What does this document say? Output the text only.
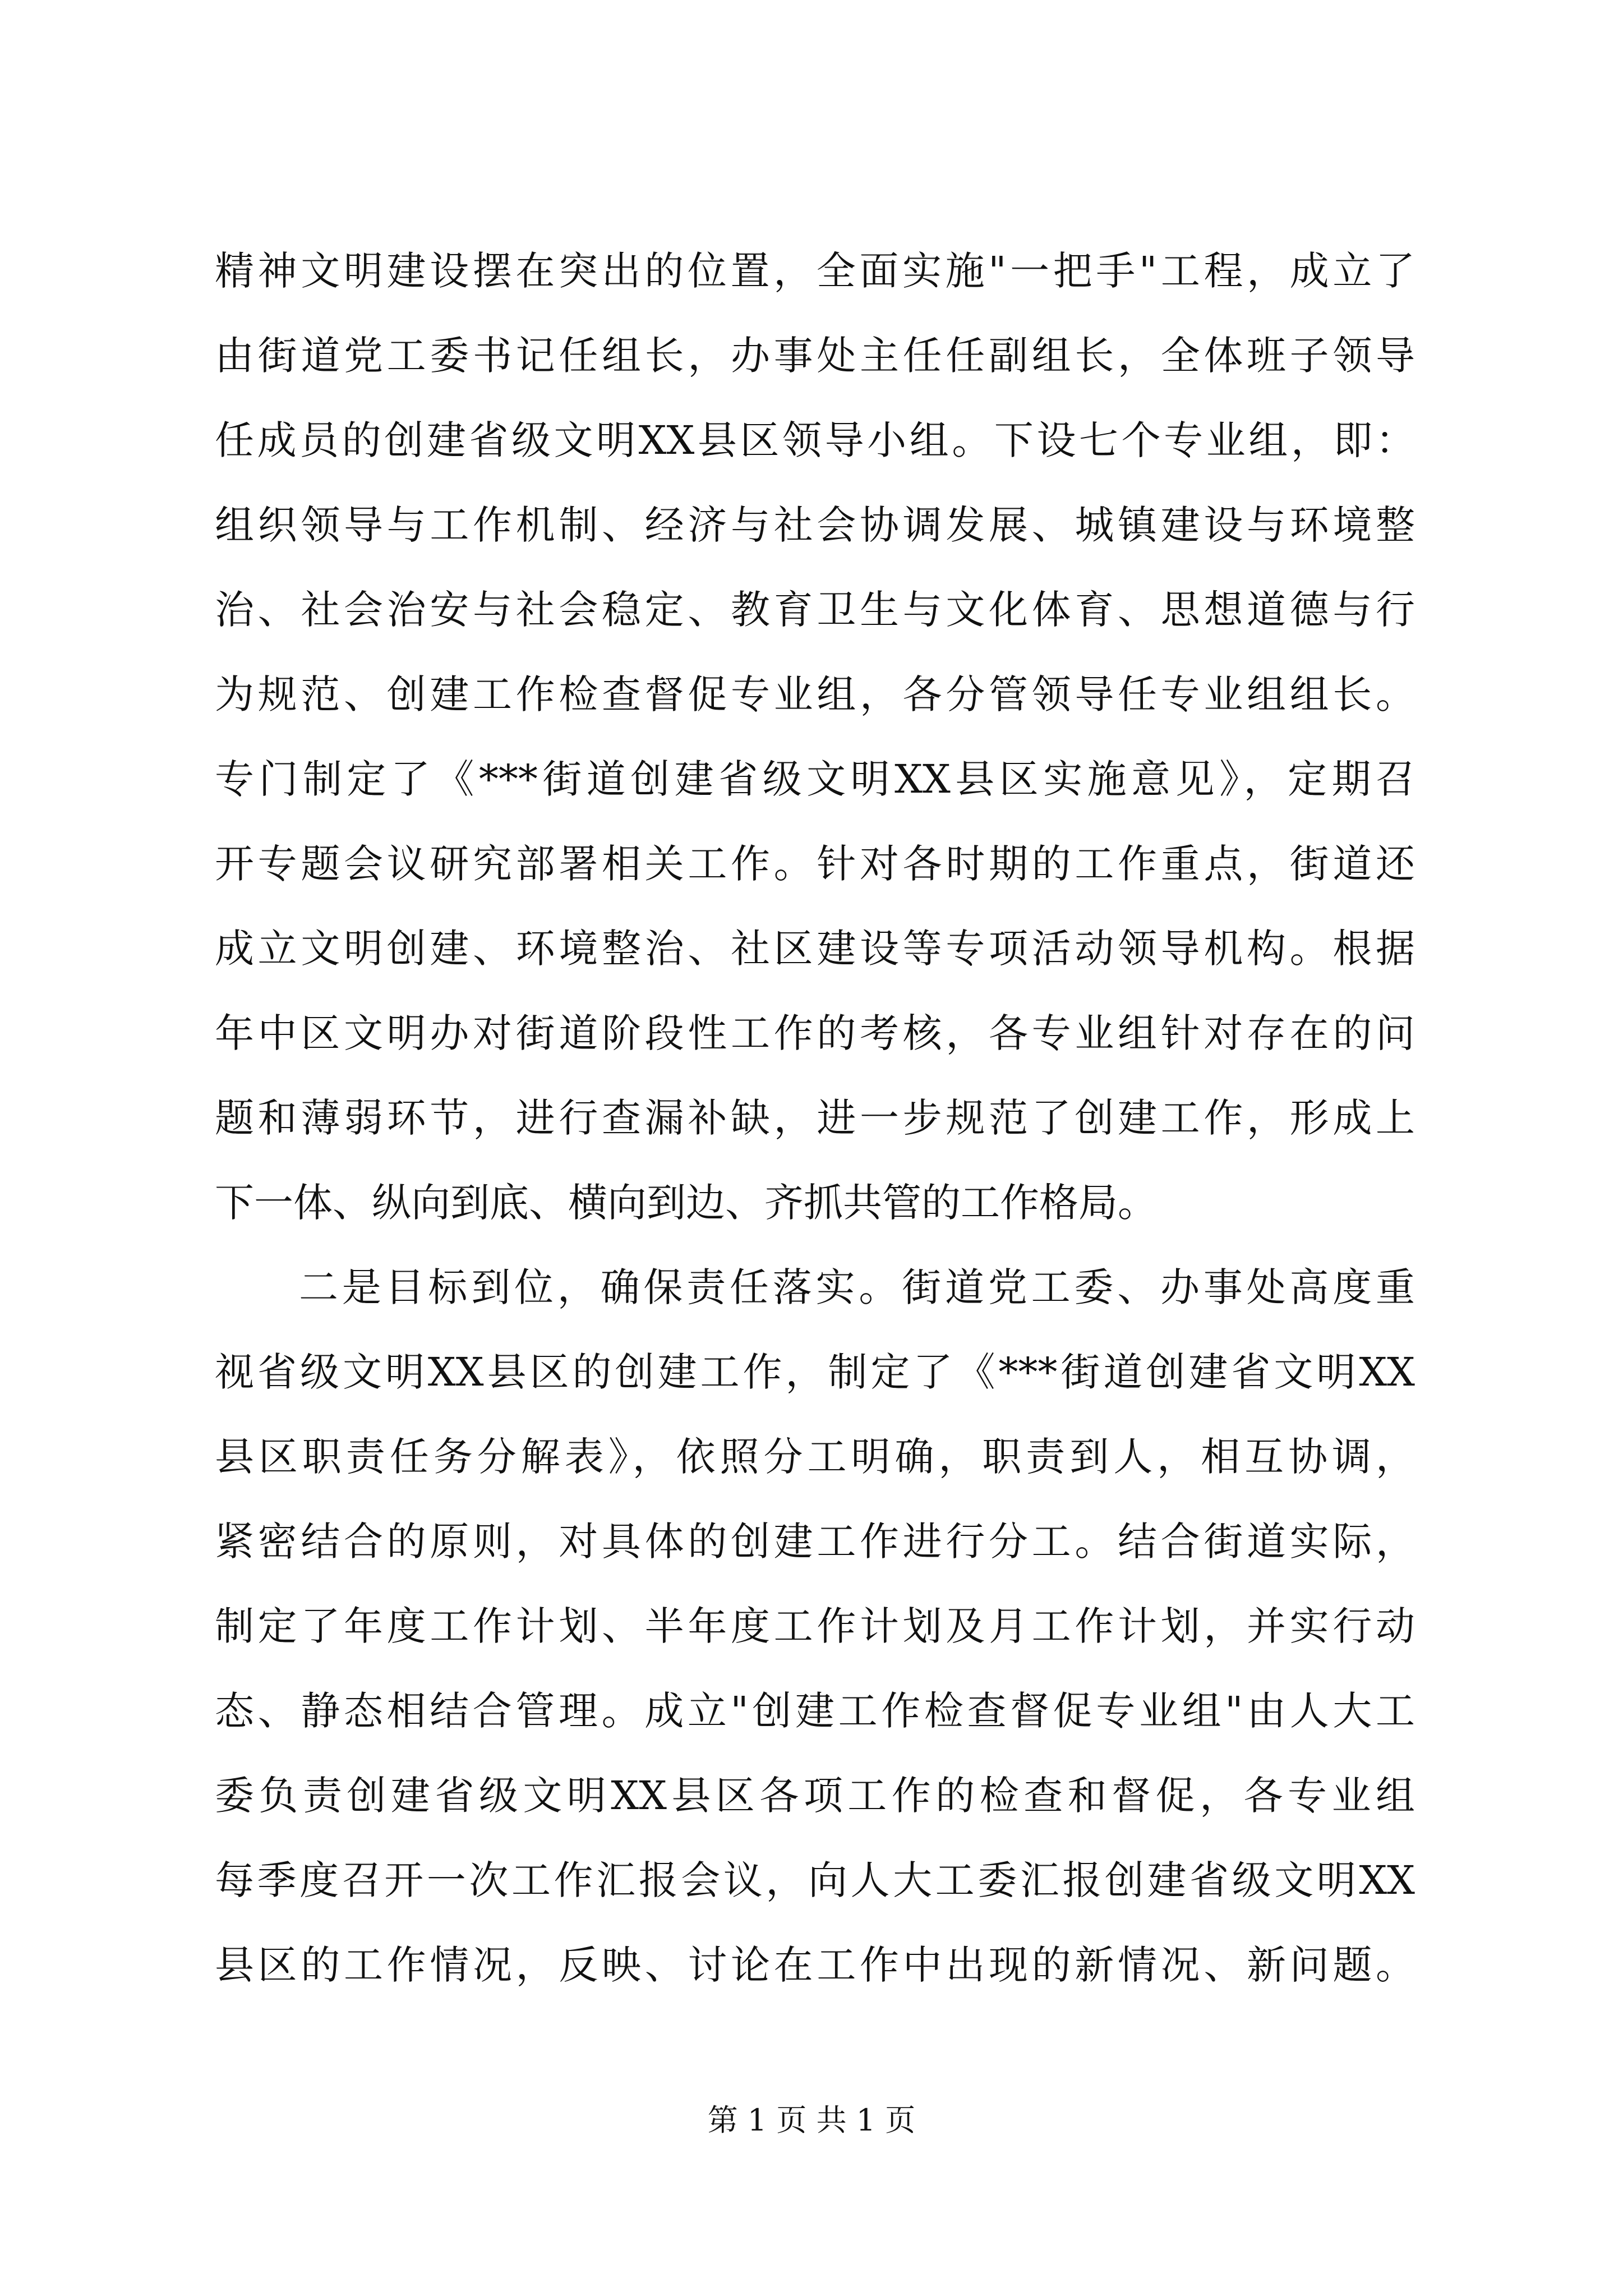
精神文明建设摆在突出的位置，全面实施"一把手"工程，成立了
由街道党工委书记任组长，办事处主任任副组长，全体班子领导
任成员的创建省级文明XX县区领导小组。下设七个专业组，即：
组织领导与工作机制、经济与社会协调发展、城镇建设与环境整
治、社会治安与社会稳定、教育卫生与文化体育、思想道德与行
为规范、创建工作检查督促专业组，各分管领导任专业组组长。
专门制定了《***街道创建省级文明XX县区实施意见》，定期召
开专题会议研究部署相关工作。针对各时期的工作重点，街道还
成立文明创建、环境整治、社区建设等专项活动领导机构。根据
年中区文明办对街道阶段性工作的考核，各专业组针对存在的问
题和薄弱环节，进行查漏补缺，进一步规范了创建工作，形成上
下一体、纵向到底、横向到边、齐抓共管的工作格局。
二是目标到位，确保责任落实。街道党工委、办事处高度重
视省级文明XX县区的创建工作，制定了《***街道创建省文明XX
县区职责任务分解表》，依照分工明确，职责到人，相互协调，
紧密结合的原则，对具体的创建工作进行分工。结合街道实际，
制定了年度工作计划、半年度工作计划及月工作计划，并实行动
态、静态相结合管理。成立"创建工作检查督促专业组"由人大工
委负责创建省级文明XX县区各项工作的检查和督促，各专业组
每季度召开一次工作汇报会议，向人大工委汇报创建省级文明XX
县区的工作情况，反映、讨论在工作中出现的新情况、新问题。
第 1 页 共 1 页
